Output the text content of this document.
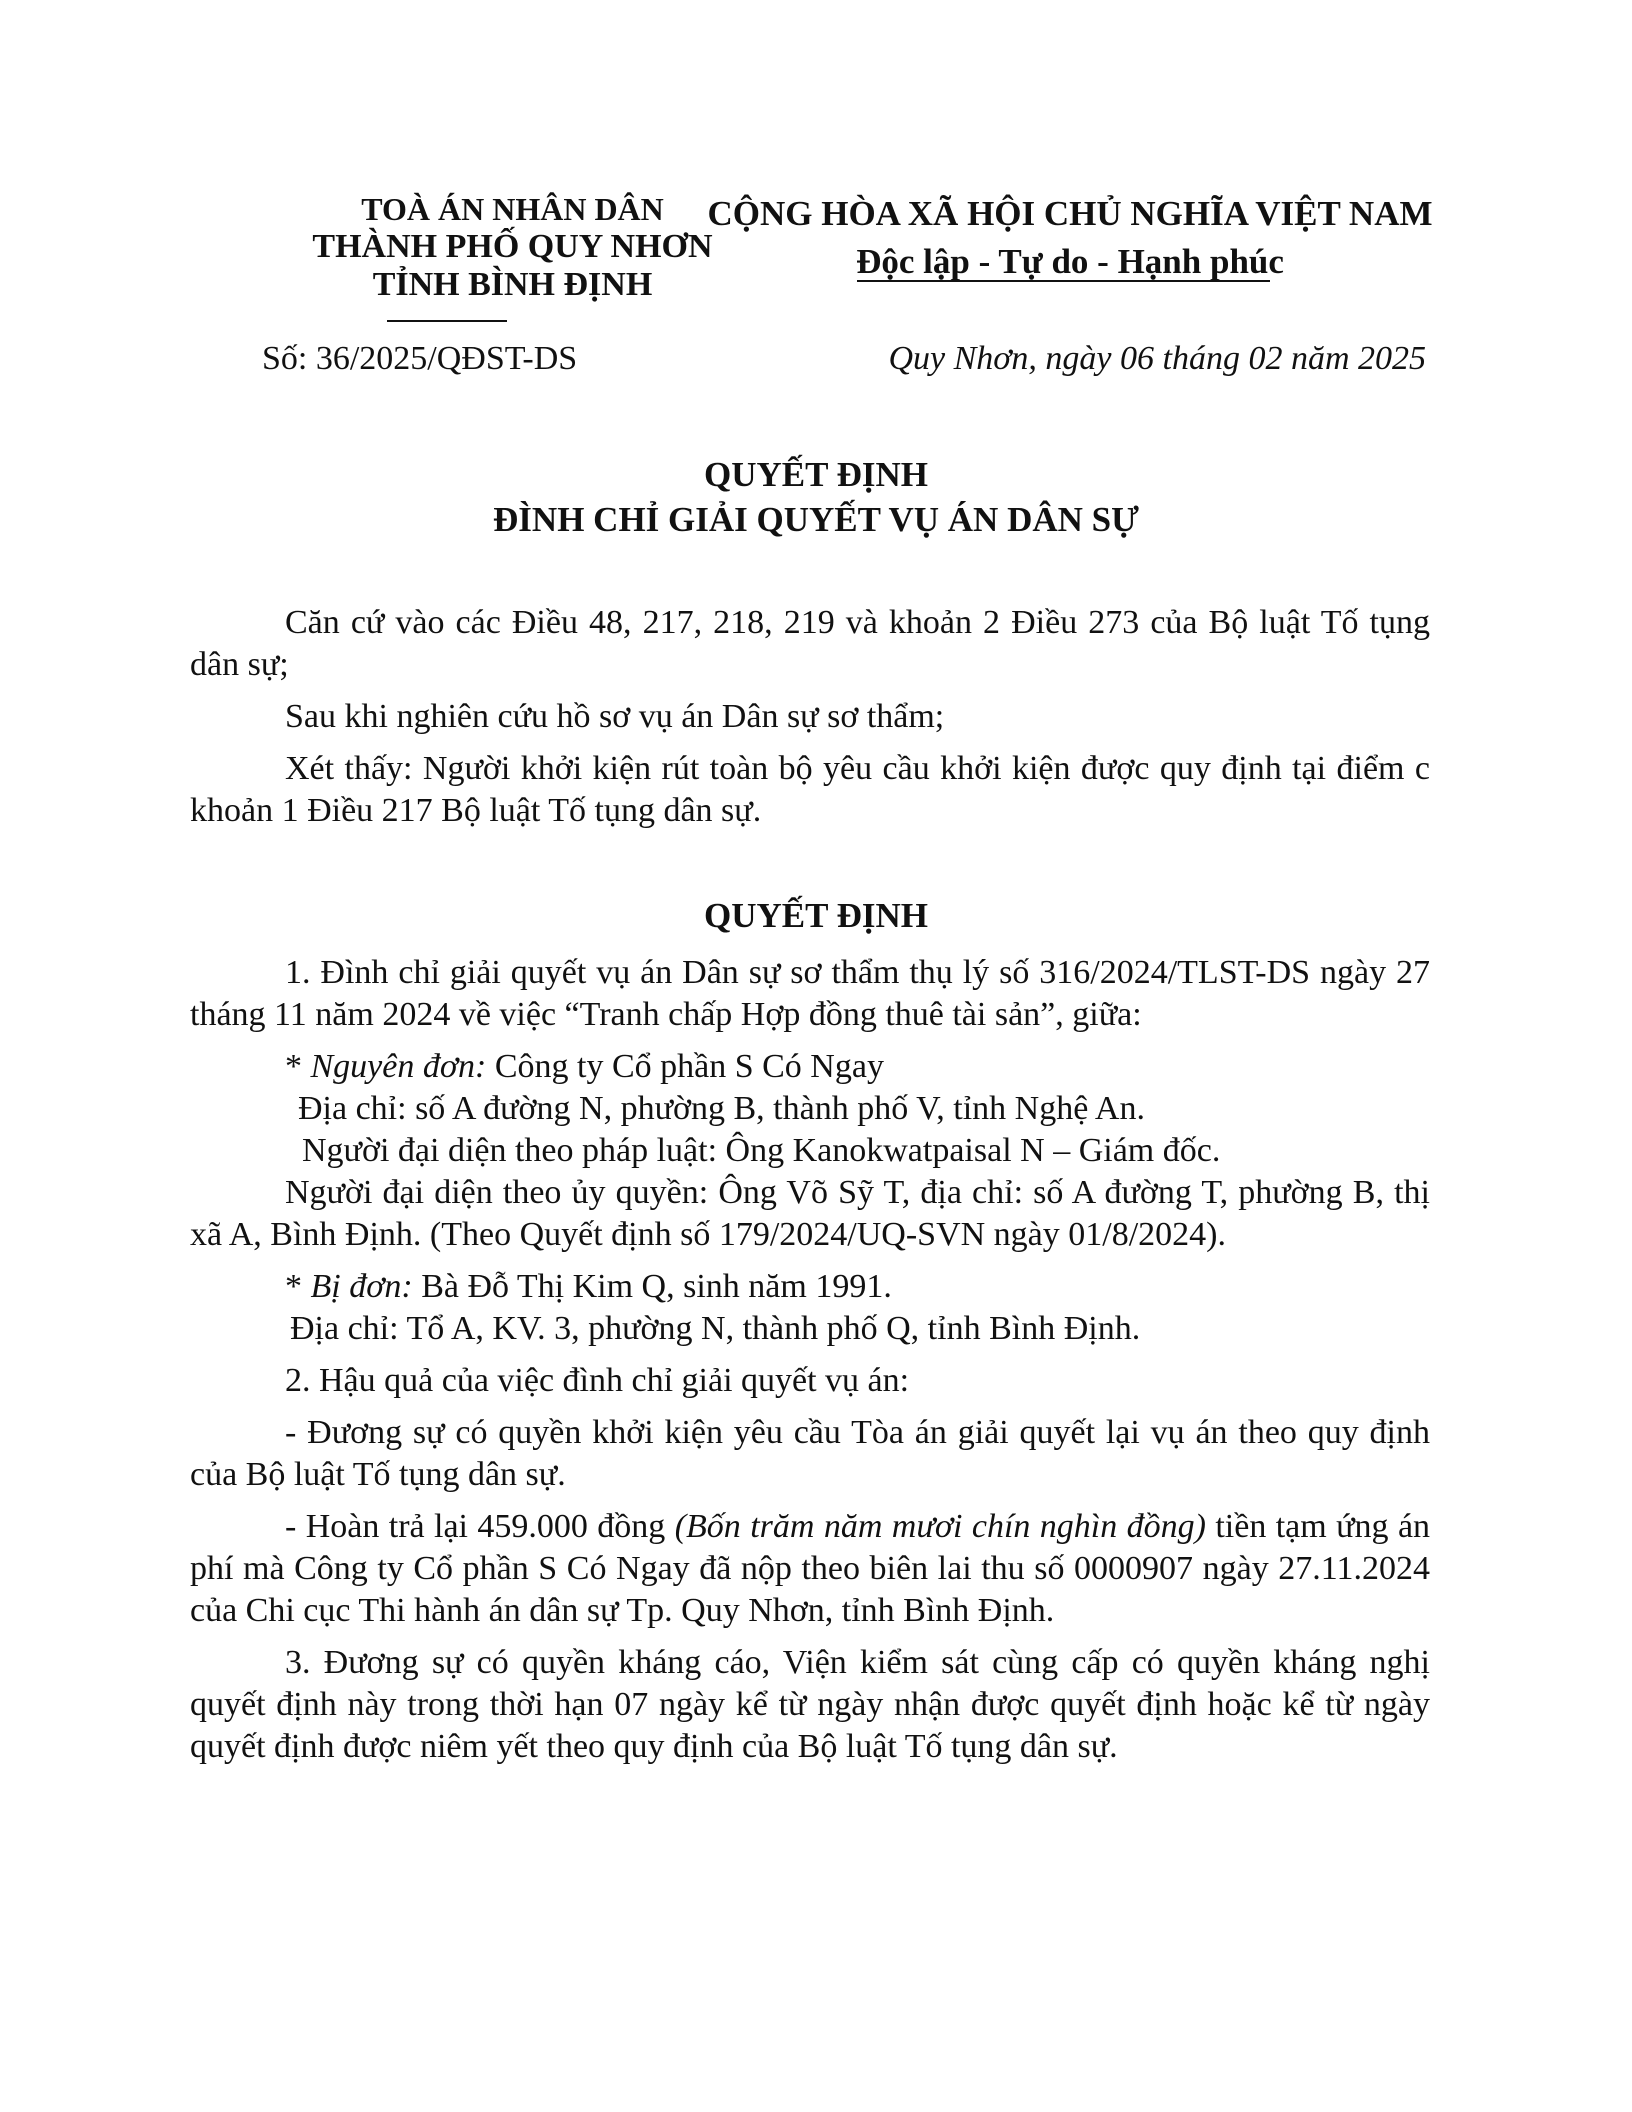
TOÀ ÁN NHÂN DÂN
THÀNH PHỐ QUY NHƠN
TỈNH BÌNH ĐỊNH
CỘNG HÒA XÃ HỘI CHỦ NGHĨA VIỆT NAM
Độc lập - Tự do - Hạnh phúc
Số: 36/2025/QĐST-DS	Quy Nhơn, ngày 06 tháng 02 năm 2025
QUYẾT ĐỊNH
ĐÌNH CHỈ GIẢI QUYẾT VỤ ÁN DÂN SỰ

Căn cứ vào các Điều 48, 217, 218, 219 và khoản 2 Điều 273 của Bộ luật Tố tụng dân sự;

Sau khi nghiên cứu hồ sơ vụ án Dân sự sơ thẩm;

Xét thấy: Người khởi kiện rút toàn bộ yêu cầu khởi kiện được quy định tại điểm c khoản 1 Điều 217 Bộ luật Tố tụng dân sự.

QUYẾT ĐỊNH

1. Đình chỉ giải quyết vụ án Dân sự sơ thẩm thụ lý số 316/2024/TLST-DS ngày 27 tháng 11 năm 2024 về việc “Tranh chấp Hợp đồng thuê tài sản”, giữa:

* Nguyên đơn: Công ty Cổ phần S Có Ngay

Địa chỉ: số A đường N, phường B, thành phố V, tỉnh Nghệ An.

Người đại diện theo pháp luật: Ông Kanokwatpaisal N – Giám đốc.

Người đại diện theo ủy quyền: Ông Võ Sỹ T, địa chỉ: số A đường T, phường B, thị xã A, Bình Định. (Theo Quyết định số 179/2024/UQ-SVN ngày 01/8/2024).

* Bị đơn: Bà Đỗ Thị Kim Q, sinh năm 1991.

Địa chỉ: Tổ A, KV. 3, phường N, thành phố Q, tỉnh Bình Định.

2. Hậu quả của việc đình chỉ giải quyết vụ án:

- Đương sự có quyền khởi kiện yêu cầu Tòa án giải quyết lại vụ án theo quy định của Bộ luật Tố tụng dân sự.

- Hoàn trả lại 459.000 đồng (Bốn trăm năm mươi chín nghìn đồng) tiền tạm ứng án phí mà Công ty Cổ phần S Có Ngay đã nộp theo biên lai thu số 0000907 ngày 27.11.2024 của Chi cục Thi hành án dân sự Tp. Quy Nhơn, tỉnh Bình Định.

3. Đương sự có quyền kháng cáo, Viện kiểm sát cùng cấp có quyền kháng nghị quyết định này trong thời hạn 07 ngày kể từ ngày nhận được quyết định hoặc kể từ ngày quyết định được niêm yết theo quy định của Bộ luật Tố tụng dân sự.
